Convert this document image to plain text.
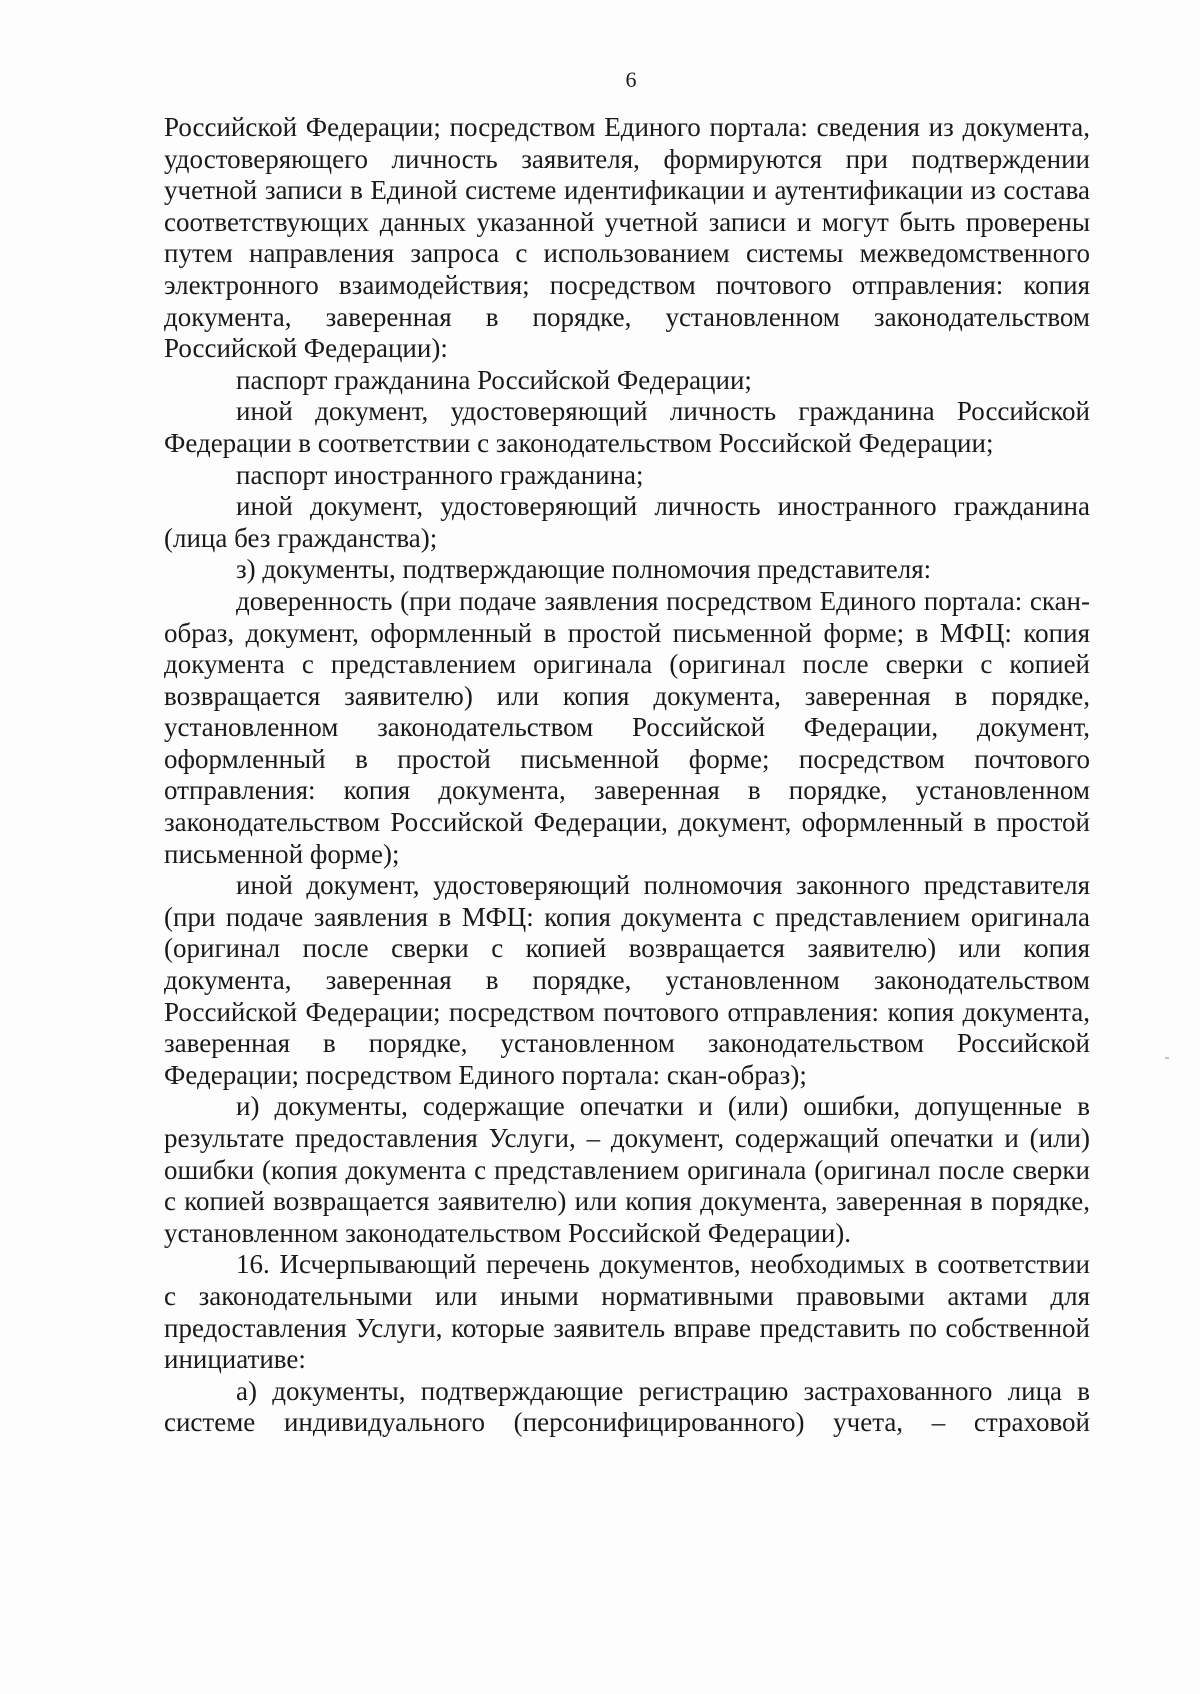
6

Российской Федерации; посредством Единого портала: сведения из документа, удостоверяющего личность заявителя, формируются при подтверждении учетной записи в Единой системе идентификации и аутентификации из состава соответствующих данных указанной учетной записи и могут быть проверены путем направления запроса с использованием системы межведомственного электронного взаимодействия; посредством почтового отправления: копия документа, заверенная в порядке, установленном законодательством Российской Федерации):

паспорт гражданина Российской Федерации;

иной документ, удостоверяющий личность гражданина Российской Федерации в соответствии с законодательством Российской Федерации;

паспорт иностранного гражданина;

иной документ, удостоверяющий личность иностранного гражданина (лица без гражданства);

з) документы, подтверждающие полномочия представителя:

доверенность (при подаче заявления посредством Единого портала: скан-образ, документ, оформленный в простой письменной форме; в МФЦ: копия документа с представлением оригинала (оригинал после сверки с копией возвращается заявителю) или копия документа, заверенная в порядке, установленном законодательством Российской Федерации, документ, оформленный в простой письменной форме; посредством почтового отправления: копия документа, заверенная в порядке, установленном законодательством Российской Федерации, документ, оформленный в простой письменной форме);

иной документ, удостоверяющий полномочия законного представителя (при подаче заявления в МФЦ: копия документа с представлением оригинала (оригинал после сверки с копией возвращается заявителю) или копия документа, заверенная в порядке, установленном законодательством Российской Федерации; посредством почтового отправления: копия документа, заверенная в порядке, установленном законодательством Российской Федерации; посредством Единого портала: скан-образ);

и) документы, содержащие опечатки и (или) ошибки, допущенные в результате предоставления Услуги, – документ, содержащий опечатки и (или) ошибки (копия документа с представлением оригинала (оригинал после сверки с копией возвращается заявителю) или копия документа, заверенная в порядке, установленном законодательством Российской Федерации).

16. Исчерпывающий перечень документов, необходимых в соответствии с законодательными или иными нормативными правовыми актами для предоставления Услуги, которые заявитель вправе представить по собственной инициативе:

а) документы, подтверждающие регистрацию застрахованного лица в системе индивидуального (персонифицированного) учета, – страховой
